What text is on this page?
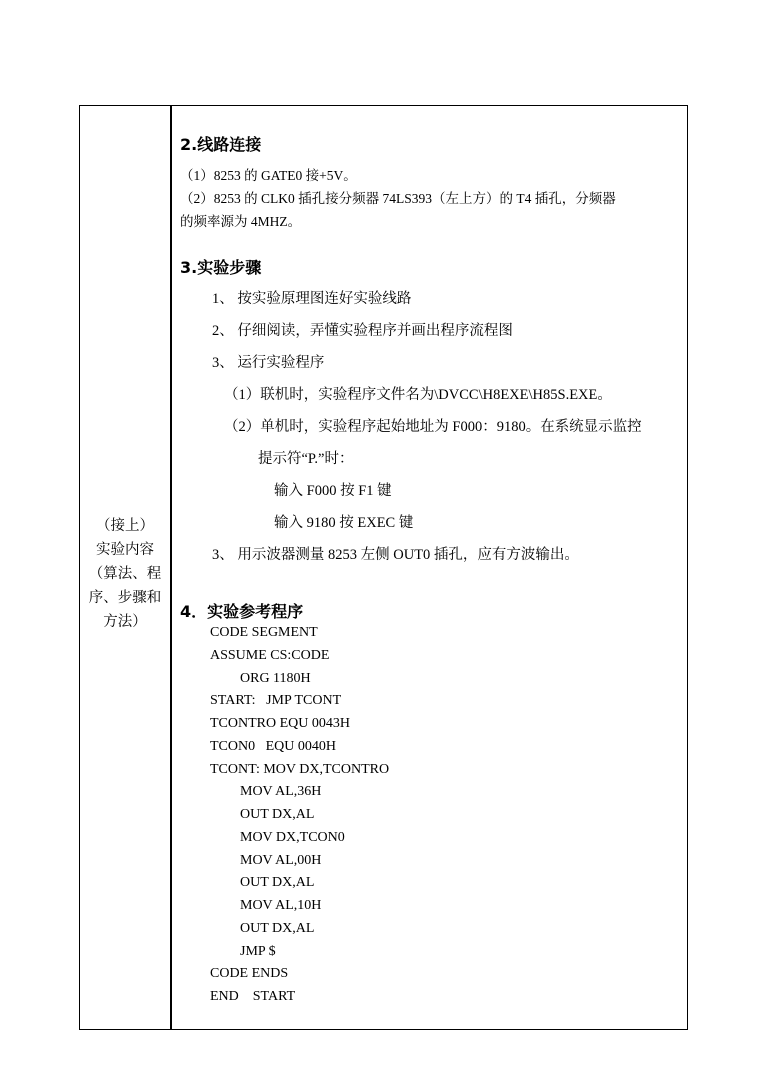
（接上）
实验内容
（算法、程
序、步骤和
方法）
2.线路连接
（1）8253 的 GATE0 接+5V。
（2）8253 的 CLK0 插孔接分频器 74LS393（左上方）的 T4 插孔，分频器
的频率源为 4MHZ。
3.实验步骤
1、 按实验原理图连好实验线路
2、 仔细阅读，弄懂实验程序并画出程序流程图
3、 运行实验程序
（1）联机时，实验程序文件名为\DVCC\H8EXE\H85S.EXE。
（2）单机时，实验程序起始地址为 F000：9180。在系统显示监控
提示符“P.”时：
输入 F000 按 F1 键
输入 9180 按 EXEC 键
3、 用示波器测量 8253 左侧 OUT0 插孔，应有方波输出。
4．实验参考程序
CODE SEGMENT
ASSUME CS:CODE
ORG 1180H
START:   JMP TCONT
TCONTRO EQU 0043H
TCON0   EQU 0040H
TCONT: MOV DX,TCONTRO
MOV AL,36H
OUT DX,AL
MOV DX,TCON0
MOV AL,00H
OUT DX,AL
MOV AL,10H
OUT DX,AL
JMP $
CODE ENDS
END    START
